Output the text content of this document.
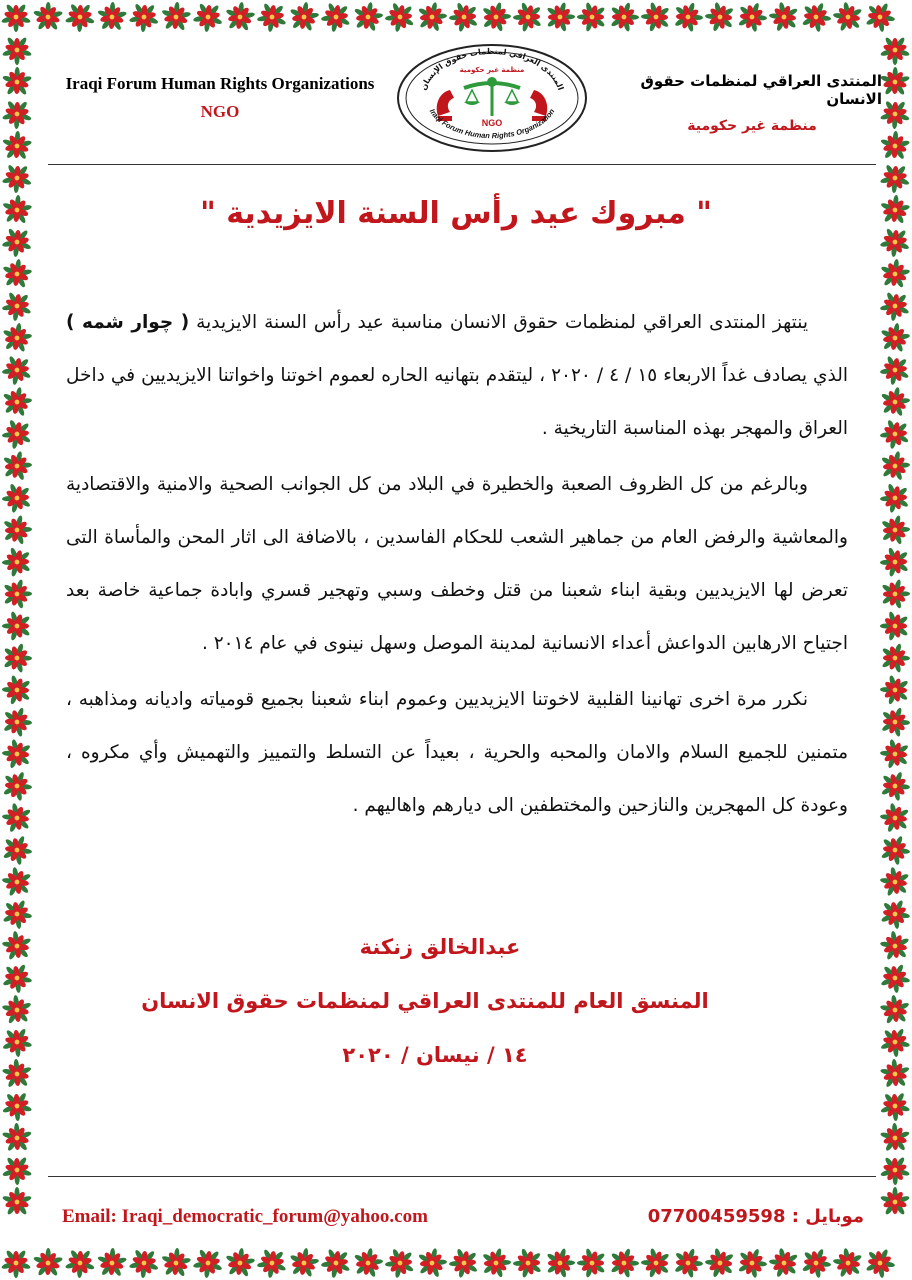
Iraqi Forum Human Rights Organizations
NGO
المنتدى العراقي لمنظمات حقوق الإنسان
منظمة غير حكومية
NGO
Iraqi Forum Human Rights Organization
المنتدى العراقي لمنظمات حقوق الانسان
منظمة غير حكومية
" مبروك عيد رأس السنة الايزيدية "

ينتهز المنتدى العراقي لمنظمات حقوق الانسان مناسبة عيد رأس السنة الايزيدية ( چوار شمه ) الذي يصادف غداً الاربعاء ١٥ / ٤ / ٢٠٢٠ ، ليتقدم بتهانيه الحاره لعموم اخوتنا واخواتنا الايزيديين في داخل العراق والمهجر بهذه المناسبة التاريخية .

وبالرغم من كل الظروف الصعبة والخطيرة في البلاد من كل الجوانب الصحية والامنية والاقتصادية والمعاشية والرفض العام من جماهير الشعب للحكام الفاسدين ، بالاضافة الى اثار المحن والمأساة التى تعرض لها الايزيديين وبقية ابناء شعبنا من قتل وخطف وسبي وتهجير قسري وابادة جماعية خاصة بعد اجتياح الارهابين الدواعش أعداء الانسانية لمدينة الموصل وسهل نينوى في عام ٢٠١٤ .

نكرر مرة اخرى تهانينا القلبية لاخوتنا الايزيديين وعموم ابناء شعبنا بجميع قومياته واديانه ومذاهبه ، متمنين للجميع السلام والامان والمحبه والحرية ، بعيداً عن التسلط والتمييز والتهميش وأي مكروه ، وعودة كل المهجرين والنازحين والمختطفين الى ديارهم واهاليهم .

عبدالخالق زنكنة
المنسق العام للمنتدى العراقي لمنظمات حقوق الانسان
١٤ / نيسان / ٢٠٢٠
Email: Iraqi_democratic_forum@yahoo.com	موبايل : 07700459598
